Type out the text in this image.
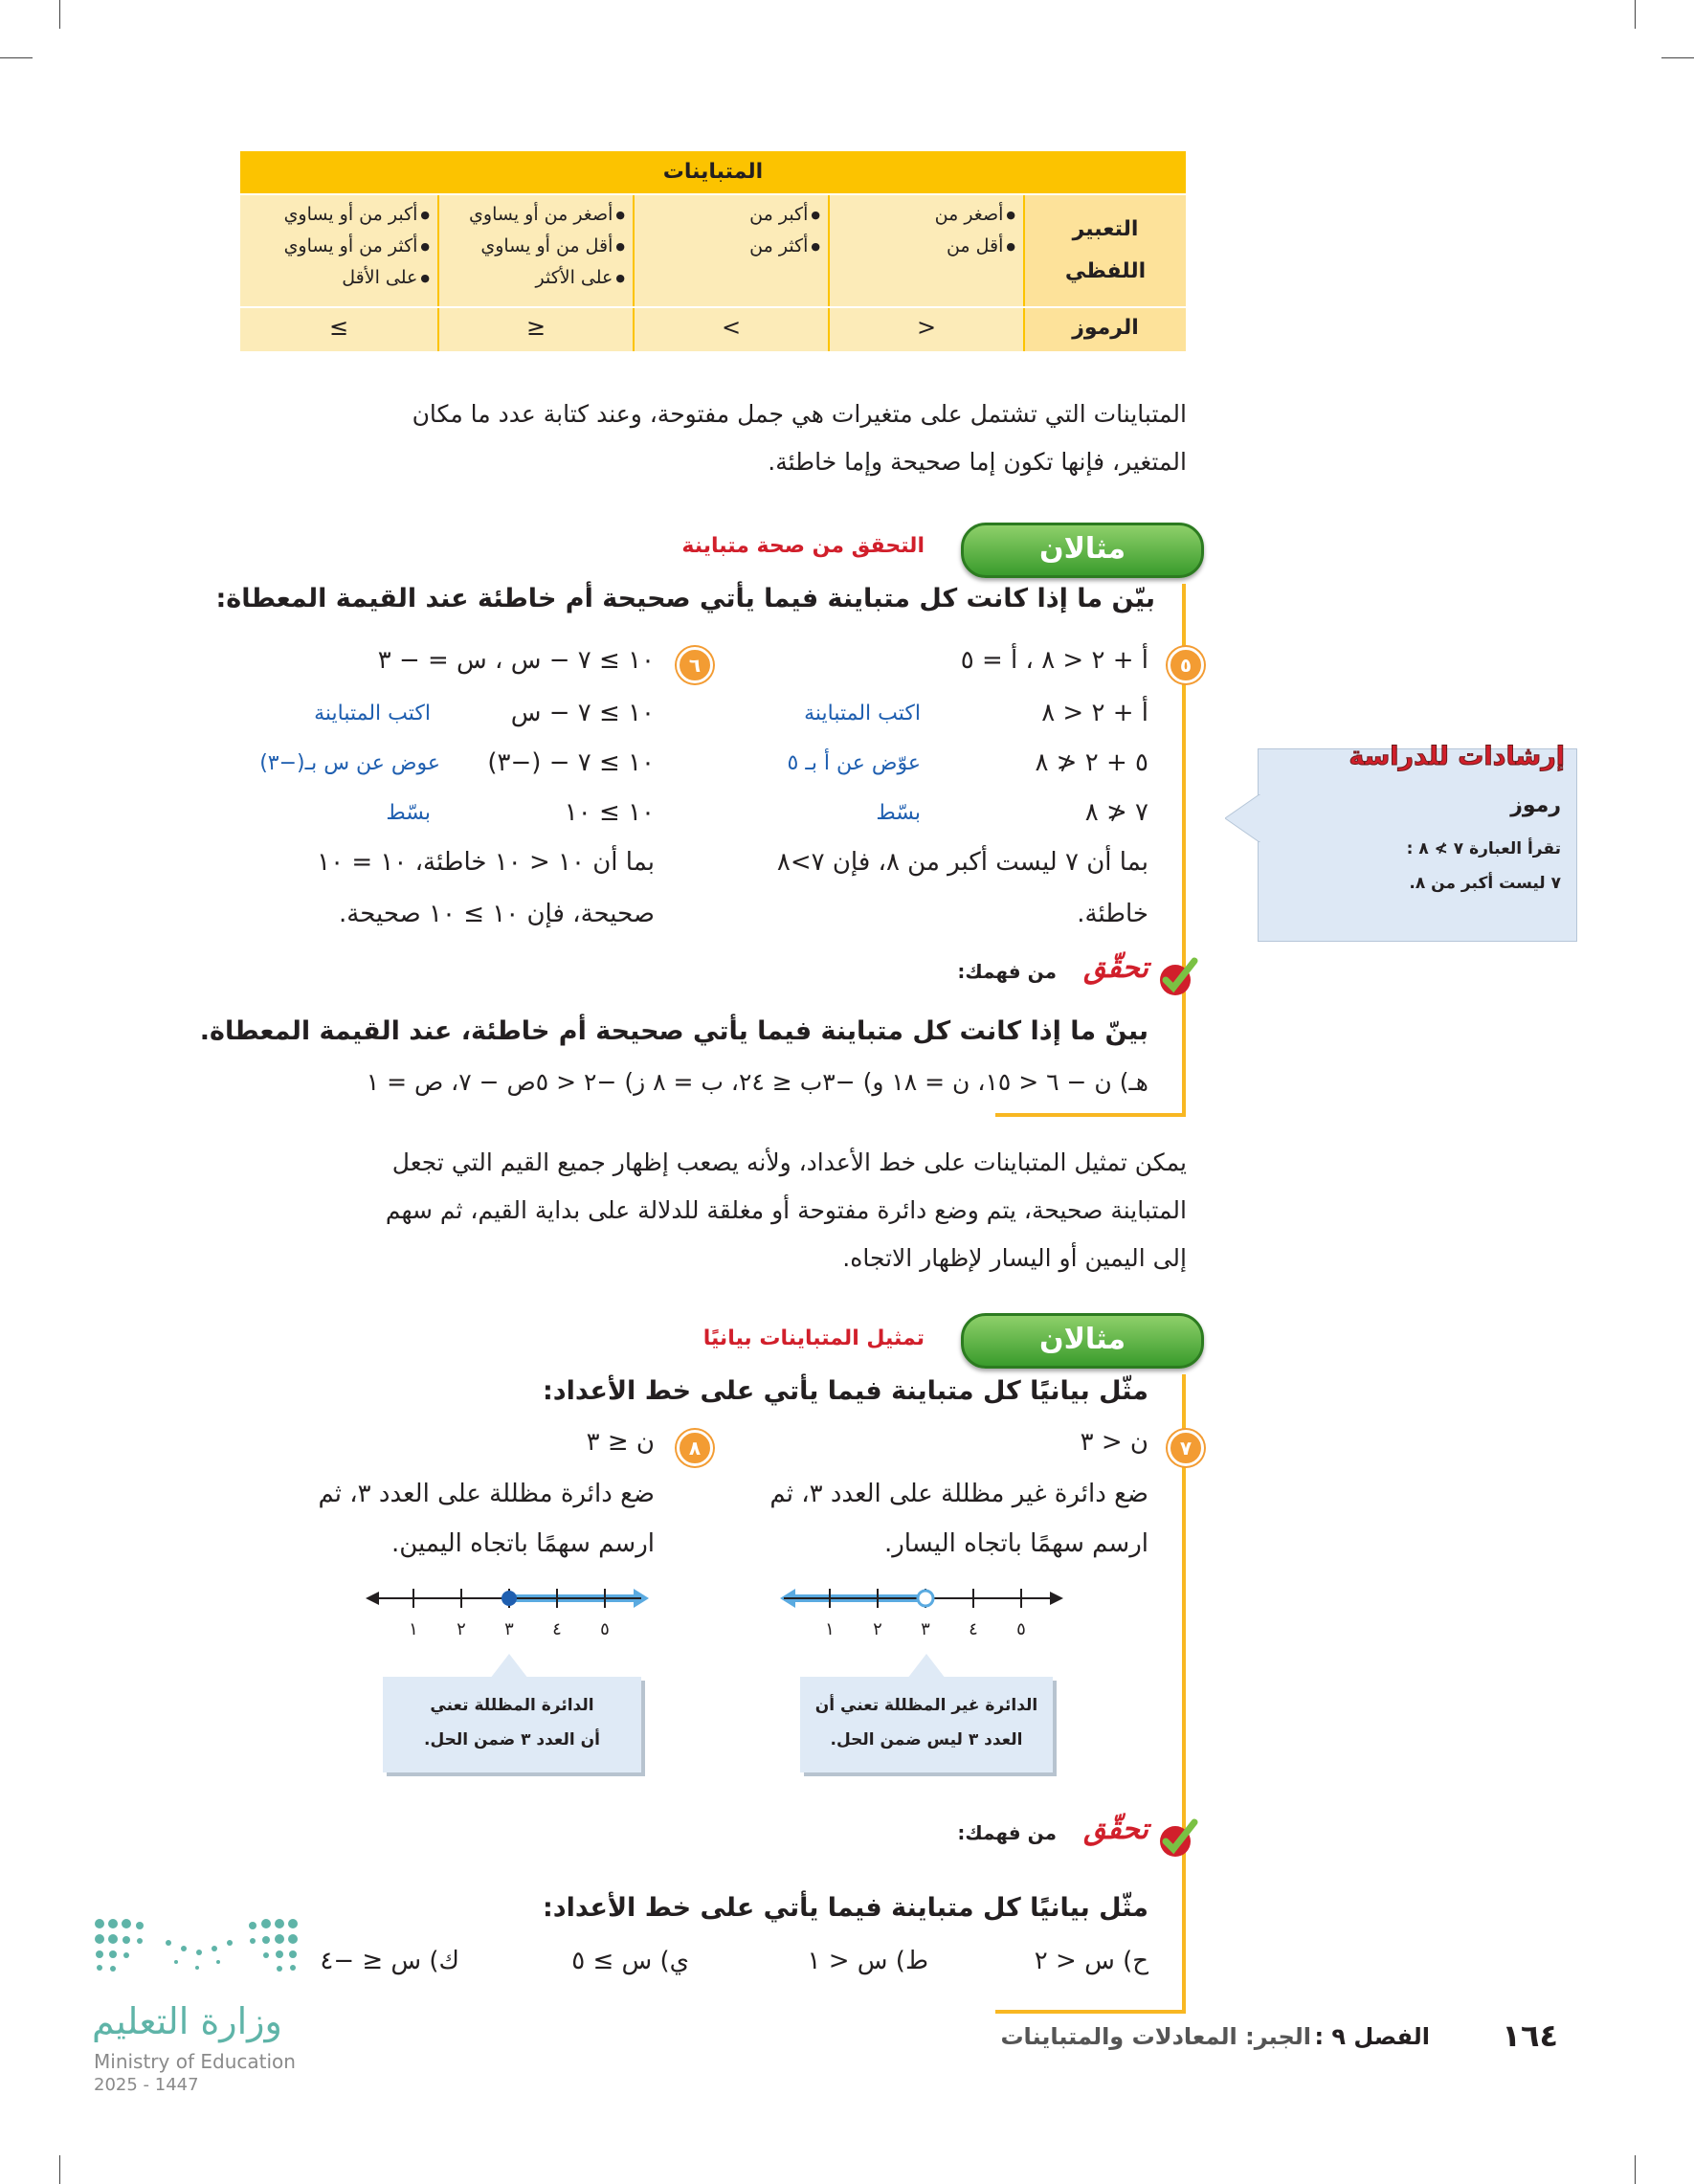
المتباينات
التعبير
اللفظي
● أصغر من
● أقل من
● أكبر من
● أكثر من
● أصغر من أو يساوي
● أقل من أو يساوي
● على الأكثر
● أكبر من أو يساوي
● أكثر من أو يساوي
● على الأقل
الرموز
<
>
≤
≥
المتباينات التي تشتمل على متغيرات هي جمل مفتوحة، وعند كتابة عدد ما مكان
المتغير، فإنها تكون إما صحيحة وإما خاطئة.
مثالان
التحقق من صحة متباينة
بيّن ما إذا كانت كل متباينة فيما يأتي صحيحة أم خاطئة عند القيمة المعطاة:
٥
أ + ٢ < ٨ ، أ = ٥
٦
١٠ ≥ ٧ − س ، س = − ٣
أ + ٢ < ٨
اكتب المتباينة
٥ + ٢ ≮ ٨
عوّض عن أ بـ ٥
٧ ≮ ٨
بسّط
بما أن ٧ ليست أكبر من ٨، فإن ٧>٨
خاطئة.
١٠ ≥ ٧ − س
اكتب المتباينة
١٠ ≥ ٧ − (−٣)
عوض عن س بـ(−٣)
١٠ ≥ ١٠
بسّط
بما أن ١٠ < ١٠ خاطئة، ١٠ = ١٠
صحيحة، فإن ١٠ ≥ ١٠ صحيحة.
تحقّق
من فهمك:
بينّ ما إذا كانت كل متباينة فيما يأتي صحيحة أم خاطئة، عند القيمة المعطاة.
هـ) ن − ٦ < ١٥، ن = ١٨ و) −٣ب ≤ ٢٤، ب = ٨ ز) −٢ < ٥ص − ٧، ص = ١
إرشادات للدراسة
رموز
تقرأ العبارة ٧ ≯ ٨ :
٧ ليست أكبر من ٨.
يمكن تمثيل المتباينات على خط الأعداد، ولأنه يصعب إظهار جميع القيم التي تجعل
المتباينة صحيحة، يتم وضع دائرة مفتوحة أو مغلقة للدلالة على بداية القيم، ثم سهم
إلى اليمين أو اليسار لإظهار الاتجاه.
مثالان
تمثيل المتباينات بيانيًا
مثّل بيانيًا كل متباينة فيما يأتي على خط الأعداد:
٧
ن < ٣
٨
ن ≤ ٣
ضع دائرة غير مظللة على العدد ٣، ثم
ارسم سهمًا باتجاه اليسار.
ضع دائرة مظللة على العدد ٣، ثم
ارسم سهمًا باتجاه اليمين.
١ ٢ ٣ ٤ ٥
١ ٢ ٣ ٤ ٥
الدائرة غير المظللة تعني أن
العدد ٣ ليس ضمن الحل.
الدائرة المظللة تعني
أن العدد ٣ ضمن الحل.
تحقّق
من فهمك:
مثّل بيانيًا كل متباينة فيما يأتي على خط الأعداد:
ح) س < ٢
ط) س < ١
ي) س ≥ ٥
ك) س ≤ −٤
وزارة التعليم
Ministry of Education
2025 - 1447
١٦٤
الفصل ٩ :
الجبر: المعادلات والمتباينات
